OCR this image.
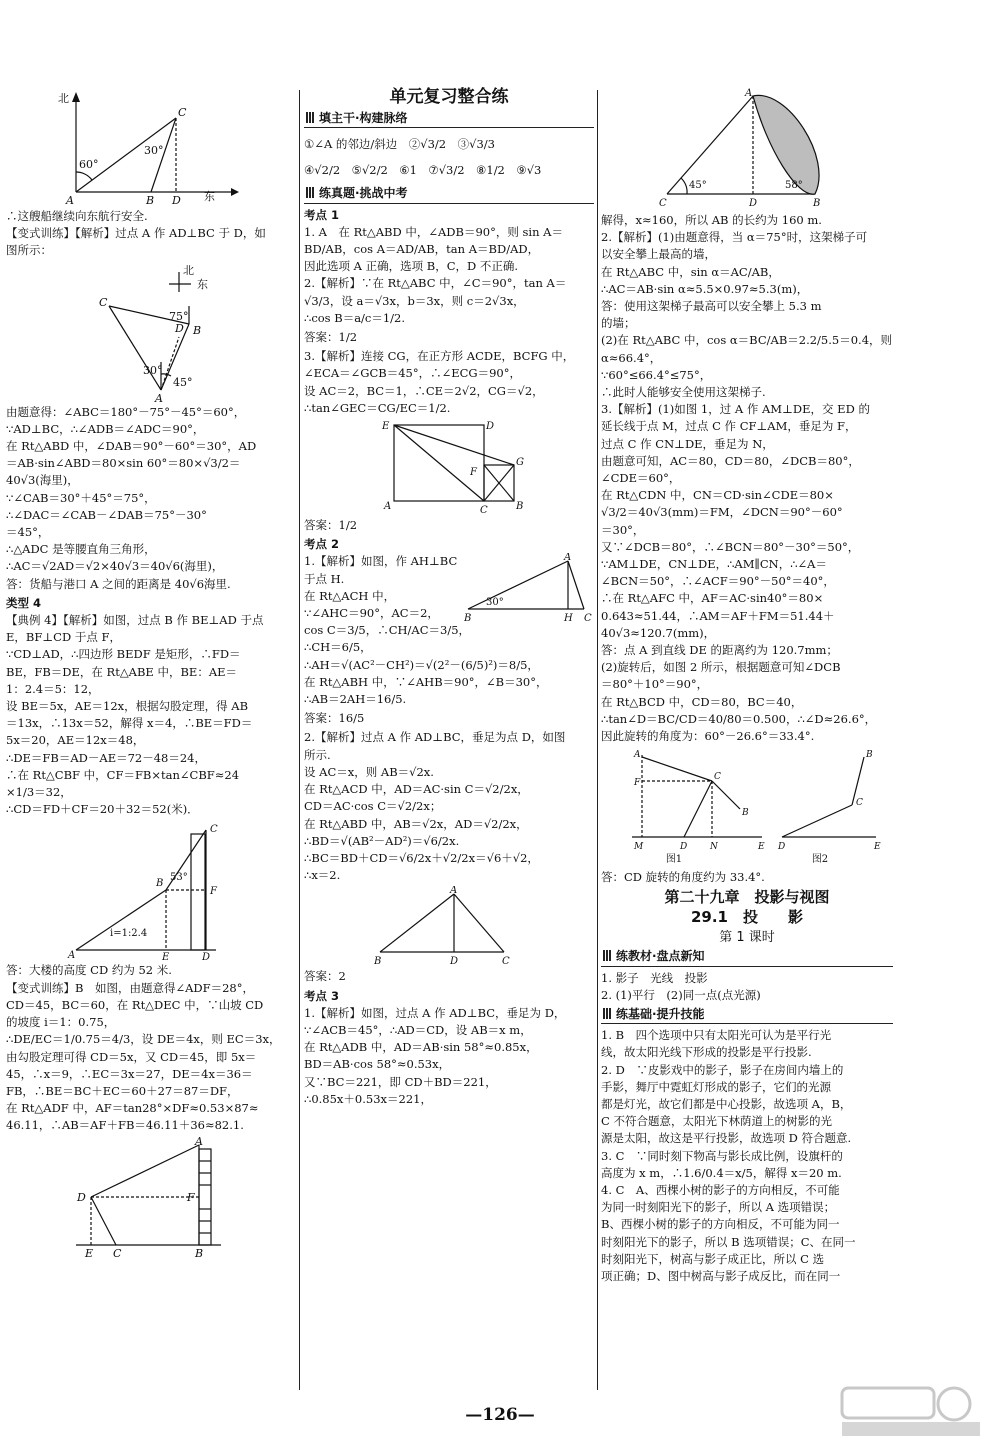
北
60°
30°
A	B D
C
东
∴这艘船继续向东航行安全.
【变式训练】【解析】过点 A 作 AD⊥BC 于 D，如
图所示：
北
东
C
D B
A
75°
30°
45°
由题意得：∠ABC＝180°－75°－45°＝60°，
∵AD⊥BC，∴∠ADB＝∠ADC＝90°，
在 Rt△ABD 中，∠DAB＝90°－60°＝30°，AD
＝AB·sin∠ABD＝80×sin 60°＝80×√3/2＝
40√3(海里)，
∵∠CAB＝30°＋45°＝75°，
∴∠DAC＝∠CAB－∠DAB＝75°－30°
＝45°，
∴△ADC 是等腰直角三角形，
∴AC＝√2AD＝√2×40√3＝40√6(海里)，
答：货船与港口 A 之间的距离是 40√6海里.
类型 4
【典例 4】【解析】如图，过点 B 作 BE⊥AD 于点
E，BF⊥CD 于点 F，
∵CD⊥AD，∴四边形 BEDF 是矩形，∴FD＝
BE，FB＝DE，在 Rt△ABE 中，BE：AE＝
1：2.4＝5：12，
设 BE＝5x，AE＝12x，根据勾股定理，得 AB
＝13x，∴13x＝52，解得 x＝4，∴BE＝FD＝
5x＝20，AE＝12x＝48，
∴DE＝FB＝AD－AE＝72－48＝24，
∴在 Rt△CBF 中，CF＝FB×tan∠CBF≈24
×1/3＝32，
∴CD＝FD＋CF＝20＋32＝52(米)．
C
B
53°
F
i=1:2.4
A	E	D
答：大楼的高度 CD 约为 52 米.
【变式训练】B　如图，由题意得∠ADF＝28°，
CD＝45，BC＝60，在 Rt△DEC 中，∵山坡 CD
的坡度 i＝1：0.75，
∴DE/EC＝1/0.75＝4/3，设 DE＝4x，则 EC＝3x，
由勾股定理可得 CD＝5x，又 CD＝45，即 5x＝
45，∴x＝9，∴EC＝3x＝27，DE＝4x＝36＝
FB，∴BE＝BC＋EC＝60＋27＝87＝DF，
在 Rt△ADF 中，AF＝tan28°×DF≈0.53×87≈
46.11，∴AB＝AF＋FB＝46.11＋36≈82.1.
A
D	F
E C	B
单元复习整合练
填主干·构建脉络
①∠A 的邻边/斜边　②√3/2　③√3/3
④√2/2　⑤√2/2　⑥1　⑦√3/2　⑧1/2　⑨√3
练真题·挑战中考
考点 1
1. A　在 Rt△ABD 中，∠ADB＝90°，则 sin A＝
BD/AB，cos A＝AD/AB，tan A＝BD/AD，
因此选项 A 正确，选项 B，C，D 不正确.
2.【解析】∵在 Rt△ABC 中，∠C＝90°，tan A＝
√3/3，设 a＝√3x，b＝3x，则 c＝2√3x，
∴cos B＝a/c＝1/2.
答案：1/2
3.【解析】连接 CG，在正方形 ACDE，BCFG 中，
∠ECA＝∠GCB＝45°，∴∠ECG＝90°，
设 AC＝2，BC＝1，∴CE＝2√2，CG＝√2，
∴tan∠GEC＝CG/EC＝1/2.
E	D
F
G
A	C	B
答案：1/2
考点 2
1.【解析】如图，作 AH⊥BC
于点 H.
在 Rt△ACH 中，
∵∠AHC＝90°，AC＝2，
A
30°
B	H C
cos C＝3/5，∴CH/AC＝3/5，
∴CH＝6/5，
∴AH＝√(AC²－CH²)＝√(2²－(6/5)²)＝8/5，
在 Rt△ABH 中，∵∠AHB＝90°，∠B＝30°，
∴AB＝2AH＝16/5.
答案：16/5
2.【解析】过点 A 作 AD⊥BC，垂足为点 D，如图
所示.
设 AC＝x，则 AB＝√2x.
在 Rt△ACD 中，AD＝AC·sin C＝√2/2x，
CD＝AC·cos C＝√2/2x；
在 Rt△ABD 中，AB＝√2x，AD＝√2/2x，
∴BD＝√(AB²－AD²)＝√6/2x.
∴BC＝BD＋CD＝√6/2x＋√2/2x＝√6＋√2，
∴x＝2.
A
B	D	C
答案：2
考点 3
1.【解析】如图，过点 A 作 AD⊥BC，垂足为 D，
∵∠ACB＝45°，∴AD＝CD，设 AB＝x m，
在 Rt△ADB 中，AD＝AB·sin 58°≈0.85x，
BD＝AB·cos 58°≈0.53x，
又∵BC＝221，即 CD＋BD＝221，
∴0.85x＋0.53x＝221，
A
45°	58°
C	D	B
解得，x≈160，所以 AB 的长约为 160 m.
2.【解析】(1)由题意得，当 α＝75°时，这架梯子可
以安全攀上最高的墙，
在 Rt△ABC 中，sin α＝AC/AB，
∴AC＝AB·sin α≈5.5×0.97≈5.3(m)，
答：使用这架梯子最高可以安全攀上 5.3 m
的墙；
(2)在 Rt△ABC 中，cos α＝BC/AB＝2.2/5.5＝0.4，则
α≈66.4°，
∵60°≤66.4°≤75°，
∴此时人能够安全使用这架梯子.
3.【解析】(1)如图 1，过 A 作 AM⊥DE，交 ED 的
延长线于点 M，过点 C 作 CF⊥AM，垂足为 F，
过点 C 作 CN⊥DE，垂足为 N，
由题意可知，AC＝80，CD＝80，∠DCB＝80°，
∠CDE＝60°，
在 Rt△CDN 中，CN＝CD·sin∠CDE＝80×
√3/2＝40√3(mm)＝FM，∠DCN＝90°－60°
＝30°，
又∵∠DCB＝80°，∴∠BCN＝80°－30°＝50°，
∵AM⊥DE，CN⊥DE，∴AM∥CN，∴∠A＝
∠BCN＝50°，∴∠ACF＝90°－50°＝40°，
∴在 Rt△AFC 中，AF＝AC·sin40°＝80×
0.643≈51.44，∴AM＝AF＋FM＝51.44＋
40√3≈120.7(mm)，
答：点 A 到直线 DE 的距离约为 120.7mm；
(2)旋转后，如图 2 所示，根据题意可知∠DCB
＝80°＋10°＝90°，
在 Rt△BCD 中，CD＝80，BC＝40，
∴tan∠D＝BC/CD＝40/80＝0.500，∴∠D≈26.6°，
因此旋转的角度为：60°－26.6°＝33.4°.
A
F
C
B
M	D	N	E D
C
B
E
图1	图2
答：CD 旋转的角度约为 33.4°.
第二十九章　投影与视图
29.1　投　　影
第 1 课时
练教材·盘点新知
1. 影子　光线　投影
2. (1)平行　(2)同一点(点光源)
练基础·提升技能
1. B　四个选项中只有太阳光可认为是平行光
线，故太阳光线下形成的投影是平行投影.
2. D　∵皮影戏中的影子，影子在房间内墙上的
手影，舞厅中霓虹灯形成的影子，它们的光源
都是灯光，故它们都是中心投影，故选项 A，B，
C 不符合题意，太阳光下林荫道上的树影的光
源是太阳，故这是平行投影，故选项 D 符合题意.
3. C　∵同时刻下物高与影长成比例，设旗杆的
高度为 x m，∴1.6/0.4＝x/5，解得 x＝20 m.
4. C　A、西棵小树的影子的方向相反，不可能
为同一时刻阳光下的影子，所以 A 选项错误；
B、西棵小树的影子的方向相反，不可能为同一
时刻阳光下的影子，所以 B 选项错误；C、在同一
时刻阳光下，树高与影子成正比，所以 C 选
项正确；D、图中树高与影子成反比，而在同一
—126—
